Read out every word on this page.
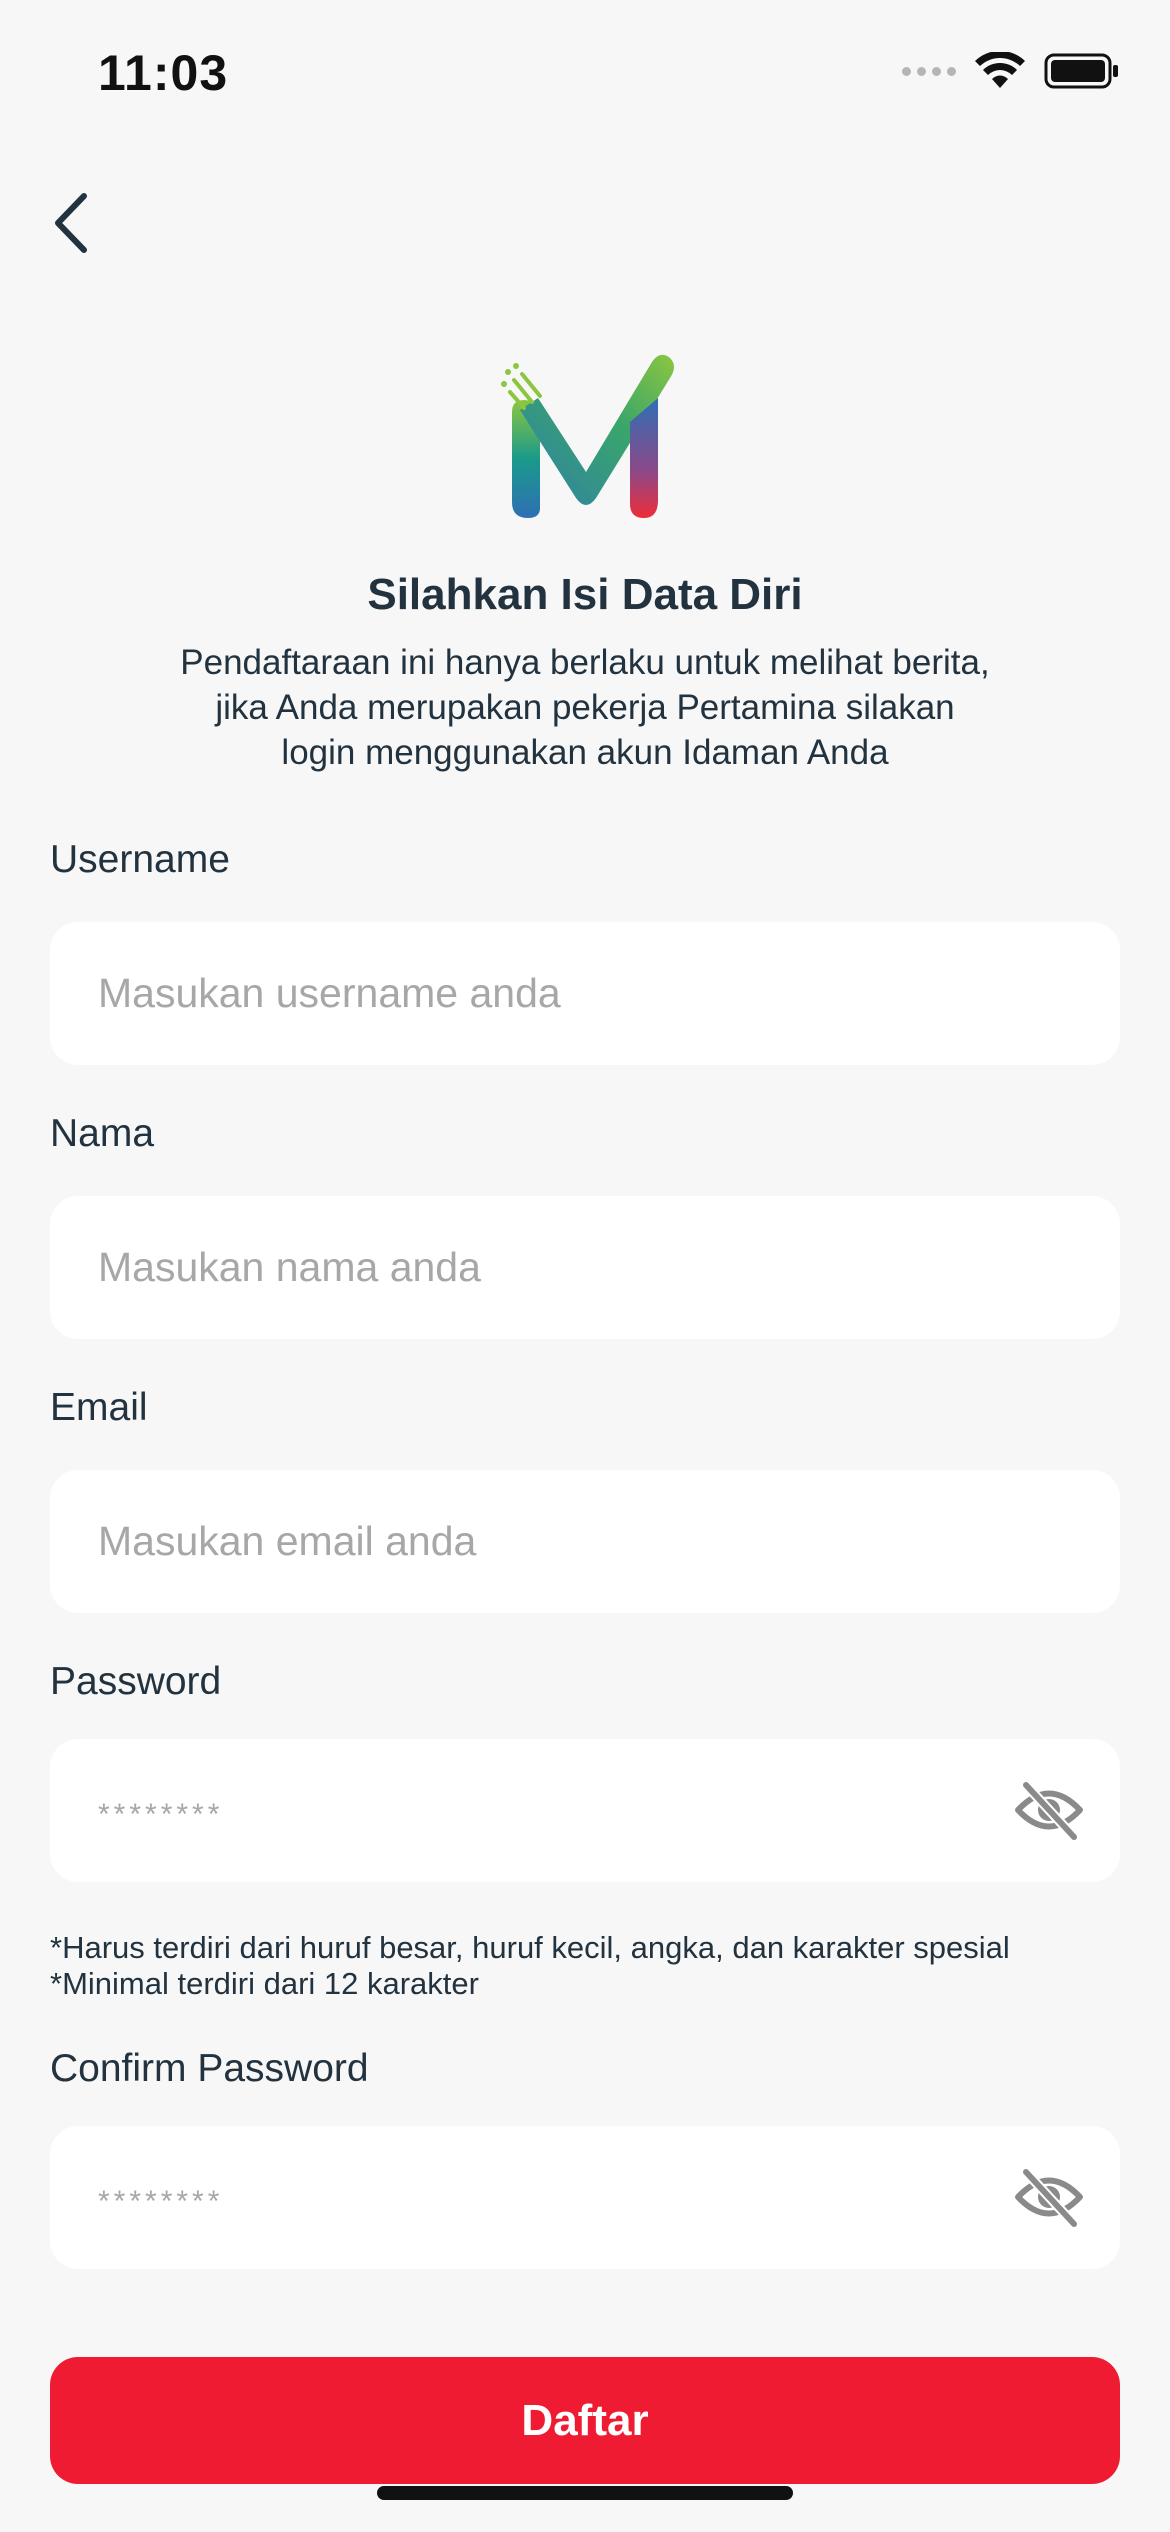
11:03
Silahkan Isi Data Diri
Pendaftaraan ini hanya berlaku untuk melihat berita,
jika Anda merupakan pekerja Pertamina silakan
login menggunakan akun Idaman Anda
Username
Masukan username anda
Nama
Masukan nama anda
Email
Masukan email anda
Password
*Harus terdiri dari huruf besar, huruf kecil, angka, dan karakter spesial
*Minimal terdiri dari 12 karakter
Confirm Password
Daftar
